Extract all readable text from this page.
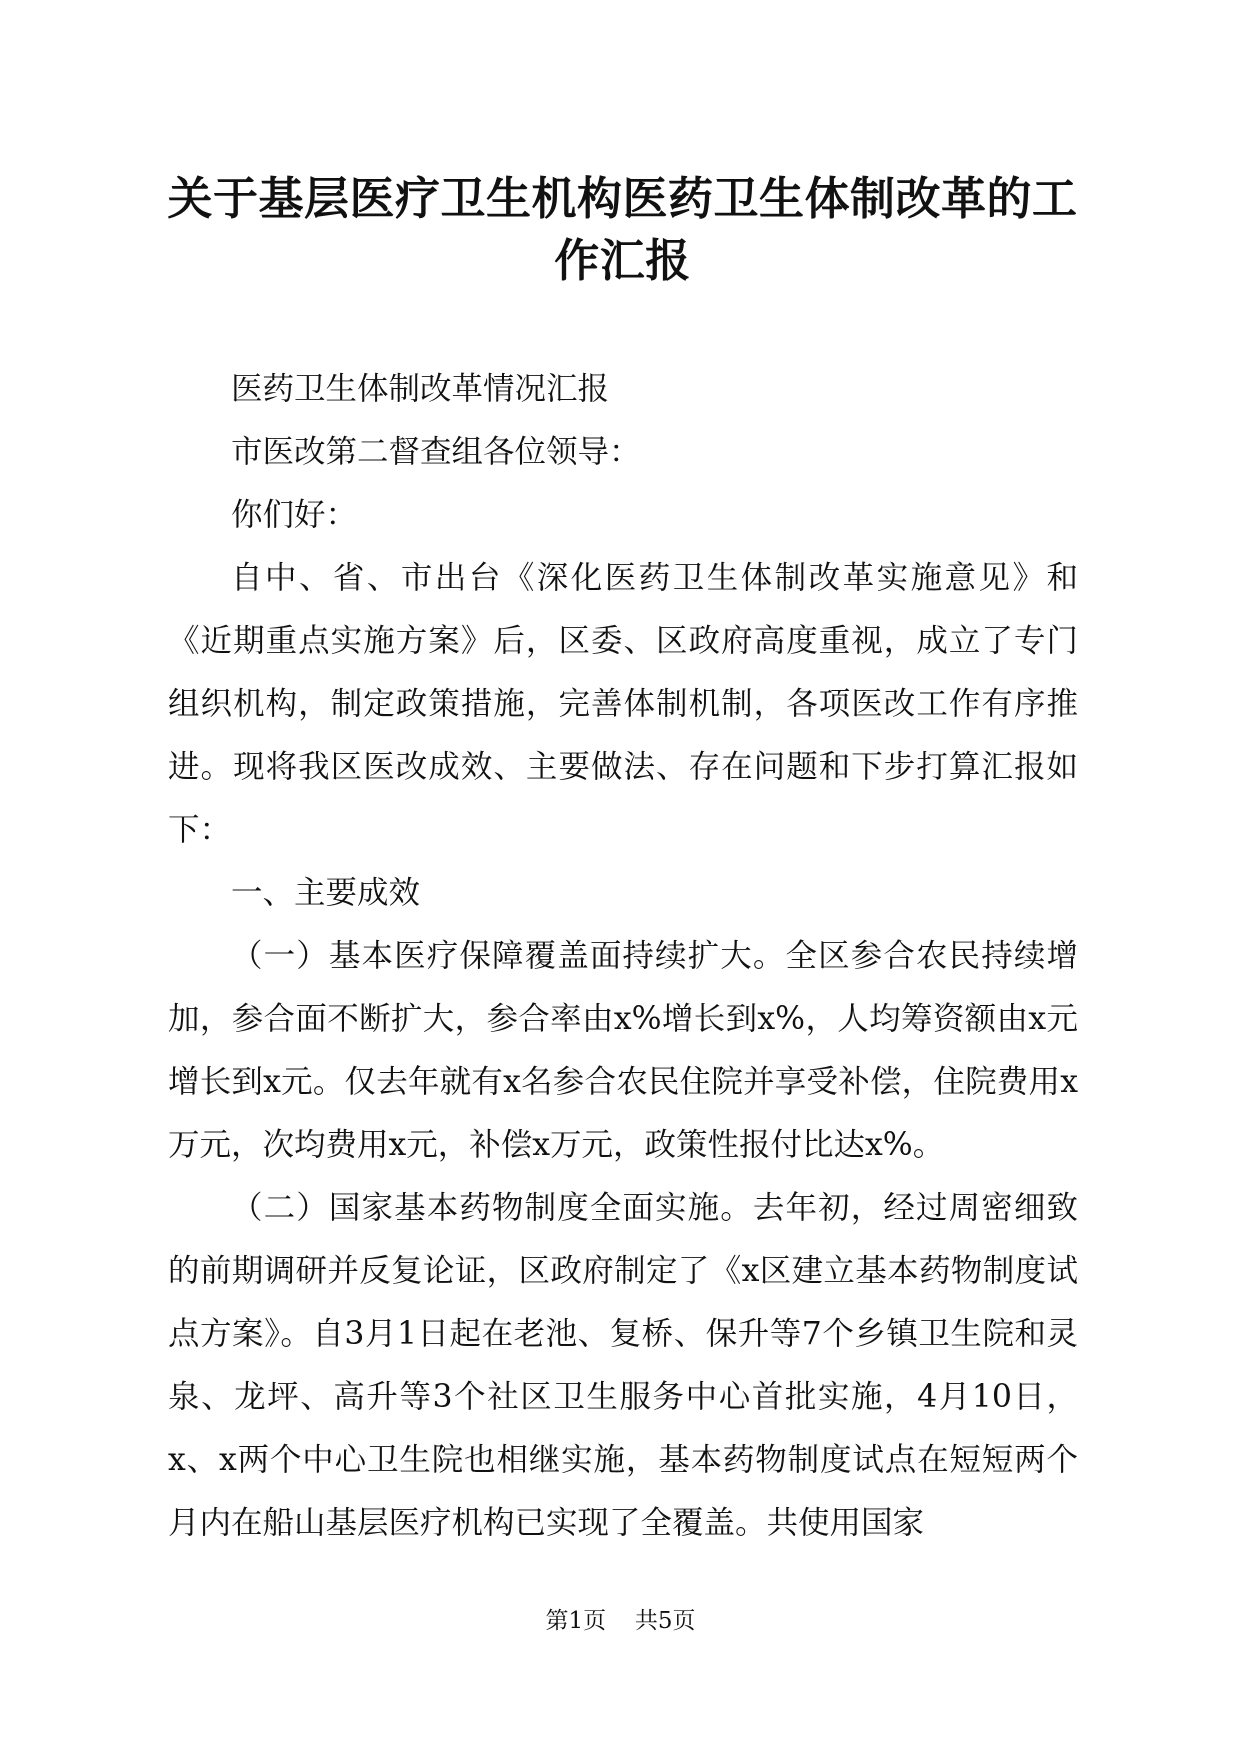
关于基层医疗卫生机构医药卫生体制改革的工
作汇报

医药卫生体制改革情况汇报

市医改第二督查组各位领导：

你们好：

自中、省、市出台《深化医药卫生体制改革实施意见》和《近期重点实施方案》后，区委、区政府高度重视，成立了专门组织机构，制定政策措施，完善体制机制，各项医改工作有序推进。现将我区医改成效、主要做法、存在问题和下步打算汇报如下：

一、主要成效

（一）基本医疗保障覆盖面持续扩大。全区参合农民持续增加，参合面不断扩大，参合率由x%增长到x%，人均筹资额由x元增长到x元。仅去年就有x名参合农民住院并享受补偿，住院费用x万元，次均费用x元，补偿x万元，政策性报付比达x%。

（二）国家基本药物制度全面实施。去年初，经过周密细致的前期调研并反复论证，区政府制定了《x区建立基本药物制度试点方案》。自3月1日起在老池、复桥、保升等7个乡镇卫生院和灵泉、龙坪、高升等3个社区卫生服务中心首批实施，4月10日，x、x两个中心卫生院也相继实施，基本药物制度试点在短短两个月内在船山基层医疗机构已实现了全覆盖。共使用国家

第1页 共5页
